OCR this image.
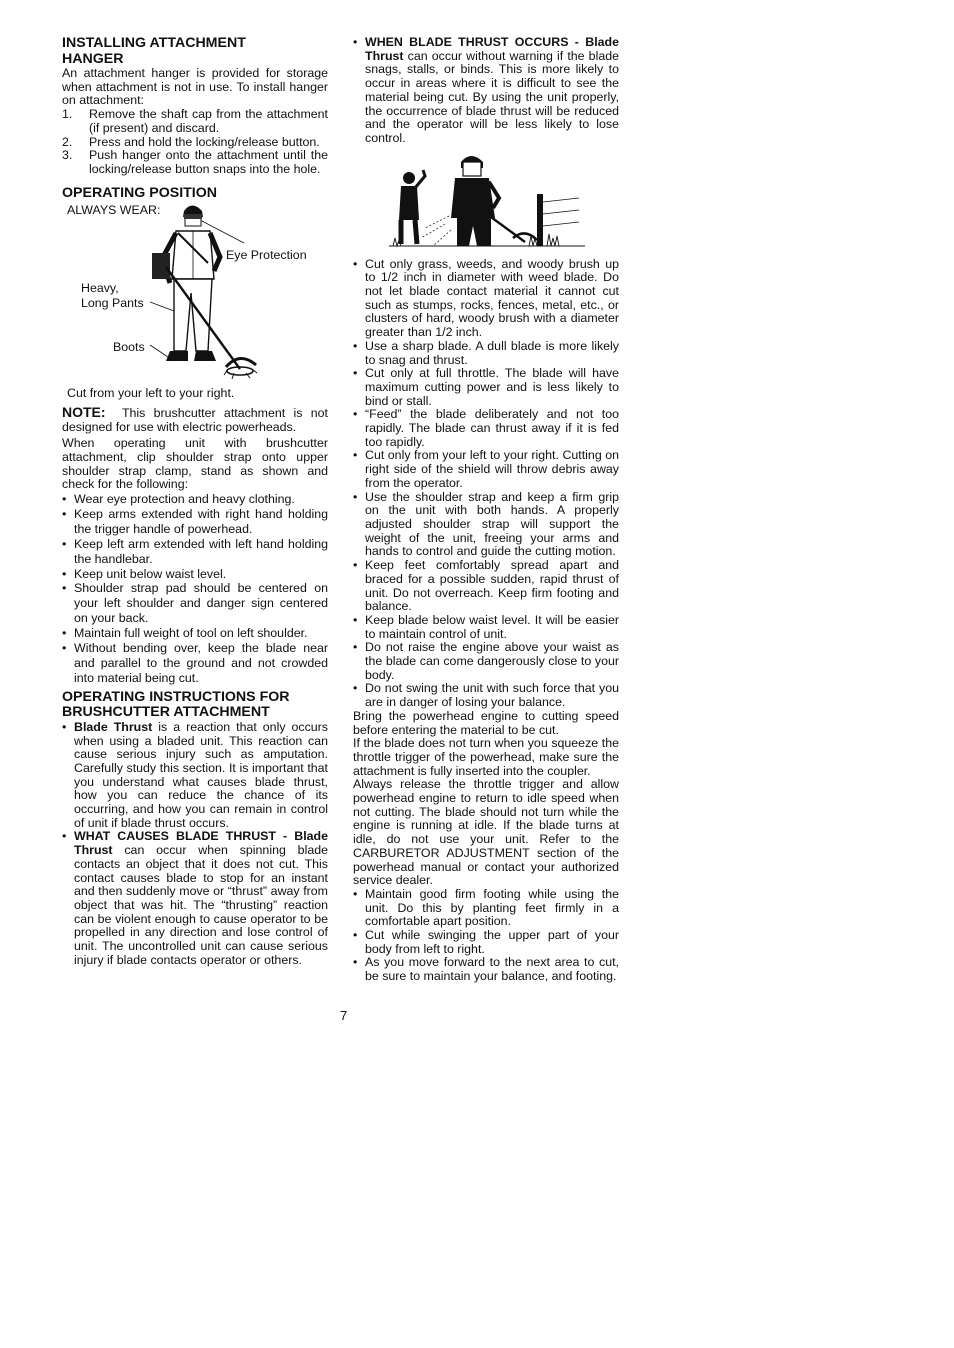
INSTALLING ATTACHMENT
HANGER

An attachment hanger is provided for storage when attachment is not in use. To install hanger on attachment:

1. Remove the shaft cap from the attachment (if present) and discard.
2. Press and hold the locking/release button.
3. Push hanger onto the attachment until the locking/release button snaps into the hole.
OPERATING POSITION
ALWAYS WEAR:
Eye Protection
Heavy,
Long Pants
Boots

Cut from your left to your right.

NOTE: This brushcutter attachment is not designed for use with electric powerheads.

When operating unit with brushcutter attachment, clip shoulder strap onto upper shoulder strap clamp, stand as shown and check for the following:

• Wear eye protection and heavy clothing.
• Keep arms extended with right hand holding the trigger handle of powerhead.
• Keep left arm extended with left hand holding the handlebar.
• Keep unit below waist level.
• Shoulder strap pad should be centered on your left shoulder and danger sign centered on your back.
• Maintain full weight of tool on left shoulder.
• Without bending over, keep the blade near and parallel to the ground and not crowded into material being cut.
OPERATING INSTRUCTIONS FOR
BRUSHCUTTER ATTACHMENT
• Blade Thrust is a reaction that only occurs when using a bladed unit. This reaction can cause serious injury such as amputation. Carefully study this section. It is important that you understand what causes blade thrust, how you can reduce the chance of its occurring, and how you can remain in control of unit if blade thrust occurs.
• WHAT CAUSES BLADE THRUST - Blade Thrust can occur when spinning blade contacts an object that it does not cut. This contact causes blade to stop for an instant and then suddenly move or “thrust” away from object that was hit. The “thrusting” reaction can be violent enough to cause operator to be propelled in any direction and lose control of unit. The uncontrolled unit can cause serious injury if blade contacts operator or others.
• WHEN BLADE THRUST OCCURS - Blade Thrust can occur without warning if the blade snags, stalls, or binds. This is more likely to occur in areas where it is difficult to see the material being cut. By using the unit properly, the occurrence of blade thrust will be reduced and the operator will be less likely to lose control.
• Cut only grass, weeds, and woody brush up to 1/2 inch in diameter with weed blade. Do not let blade contact material it cannot cut such as stumps, rocks, fences, metal, etc., or clusters of hard, woody brush with a diameter greater than 1/2 inch.
• Use a sharp blade. A dull blade is more likely to snag and thrust.
• Cut only at full throttle. The blade will have maximum cutting power and is less likely to bind or stall.
• “Feed” the blade deliberately and not too rapidly. The blade can thrust away if it is fed too rapidly.
• Cut only from your left to your right. Cutting on right side of the shield will throw debris away from the operator.
• Use the shoulder strap and keep a firm grip on the unit with both hands. A properly adjusted shoulder strap will support the weight of the unit, freeing your arms and hands to control and guide the cutting motion.
• Keep feet comfortably spread apart and braced for a possible sudden, rapid thrust of unit. Do not overreach. Keep firm footing and balance.
• Keep blade below waist level. It will be easier to maintain control of unit.
• Do not raise the engine above your waist as the blade can come dangerously close to your body.
• Do not swing the unit with such force that you are in danger of losing your balance.

Bring the powerhead engine to cutting speed before entering the material to be cut.

If the blade does not turn when you squeeze the throttle trigger of the powerhead, make sure the attachment is fully inserted into the coupler.

Always release the throttle trigger and allow powerhead engine to return to idle speed when not cutting. The blade should not turn while the engine is running at idle. If the blade turns at idle, do not use your unit. Refer to the CARBURETOR ADJUSTMENT section of the powerhead manual or contact your authorized service dealer.

• Maintain good firm footing while using the unit. Do this by planting feet firmly in a comfortable apart position.
• Cut while swinging the upper part of your body from left to right.
• As you move forward to the next area to cut, be sure to maintain your balance, and footing.
7
